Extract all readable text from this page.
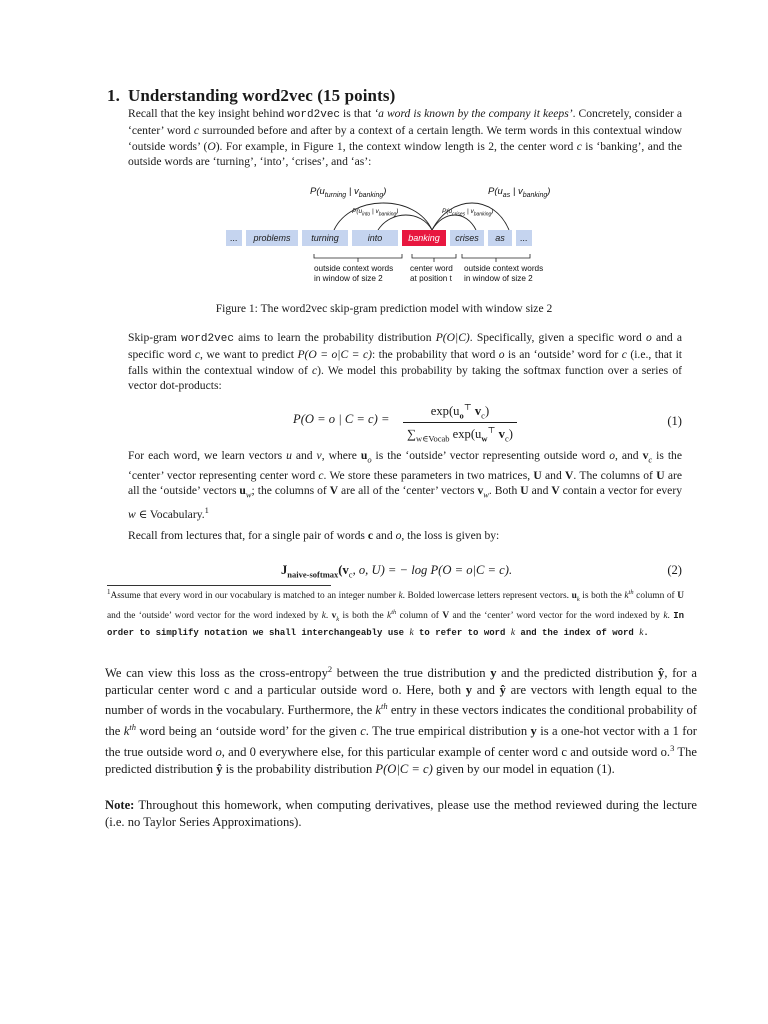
1. Understanding word2vec (15 points)
Recall that the key insight behind word2vec is that ‘a word is known by the company it keeps’. Concretely, consider a ‘center’ word c surrounded before and after by a context of a certain length. We term words in this contextual window ‘outside words’ (O). For example, in Figure 1, the context window length is 2, the center word c is ‘banking’, and the outside words are ‘turning’, ‘into’, ‘crises’, and ‘as’:
$P(u_{turning}$ | $v_{banking}$)	$P(u_{as}$ | $v_{banking}$)
$P(u_{into}$ | $v_{banking}$)	$P(u_{crises}$ | $v_{banking}$)
...	problems	turning	into	banking	crises	as	...
outside context words
in window of size 2
center word
at position t
outside context words
in window of size 2
Figure 1: The word2vec skip-gram prediction model with window size 2
Skip-gram word2vec aims to learn the probability distribution P(O|C). Specifically, given a specific word o and a specific word c, we want to predict P(O = o|C = c): the probability that word o is an ‘outside’ word for c (i.e., that it falls within the contextual window of c). We model this probability by taking the softmax function over a series of vector dot-products:
P(O = o | C = c) =
$\exp(u_o^⊤$ $v_c$)
$\sum_{w\in Vocab}$ $\exp(u_w^⊤$ $v_c$)
(1)
For each word, we learn vectors u and v, where $u_o$ is the ‘outside’ vector representing outside word o, and $v_c$ is the ‘center’ vector representing center word c. We store these parameters in two matrices, U and V. The columns of U are all the ‘outside’ vectors $u_w$; the columns of V are all of the ‘center’ vectors $v_w$. Both U and V contain a vector for every w ∈ Vocabulary.$^1$
Recall from lectures that, for a single pair of words c and o, the loss is given by:
$J_{naive-softmax}(v_c$, o, U) = − log P(O = o|C = c).	(2)
$^1$Assume that every word in our vocabulary is matched to an integer number k. Bolded lowercase letters represent vectors. $u_k$ is both the $k^{th}$ column of U and the ‘outside’ word vector for the word indexed by k. $v_k$ is both the $k^{th}$ column of V and the ‘center’ word vector for the word indexed by k. In order to simplify notation we shall interchangeably use k to refer to word k and the index of word k.
We can view this loss as the cross-entropy$^2$ between the true distribution y and the predicted distribution ŷ, for a particular center word c and a particular outside word o. Here, both y and ŷ are vectors with length equal to the number of words in the vocabulary. Furthermore, the $k^{th}$ entry in these vectors indicates the conditional probability of the $k^{th}$ word being an ‘outside word’ for the given c. The true empirical distribution y is a one-hot vector with a 1 for the true outside word o, and 0 everywhere else, for this particular example of center word c and outside word o.$^3$ The predicted distribution ŷ is the probability distribution P(O|C = c) given by our model in equation (1).
Note: Throughout this homework, when computing derivatives, please use the method reviewed during the lecture (i.e. no Taylor Series Approximations).
